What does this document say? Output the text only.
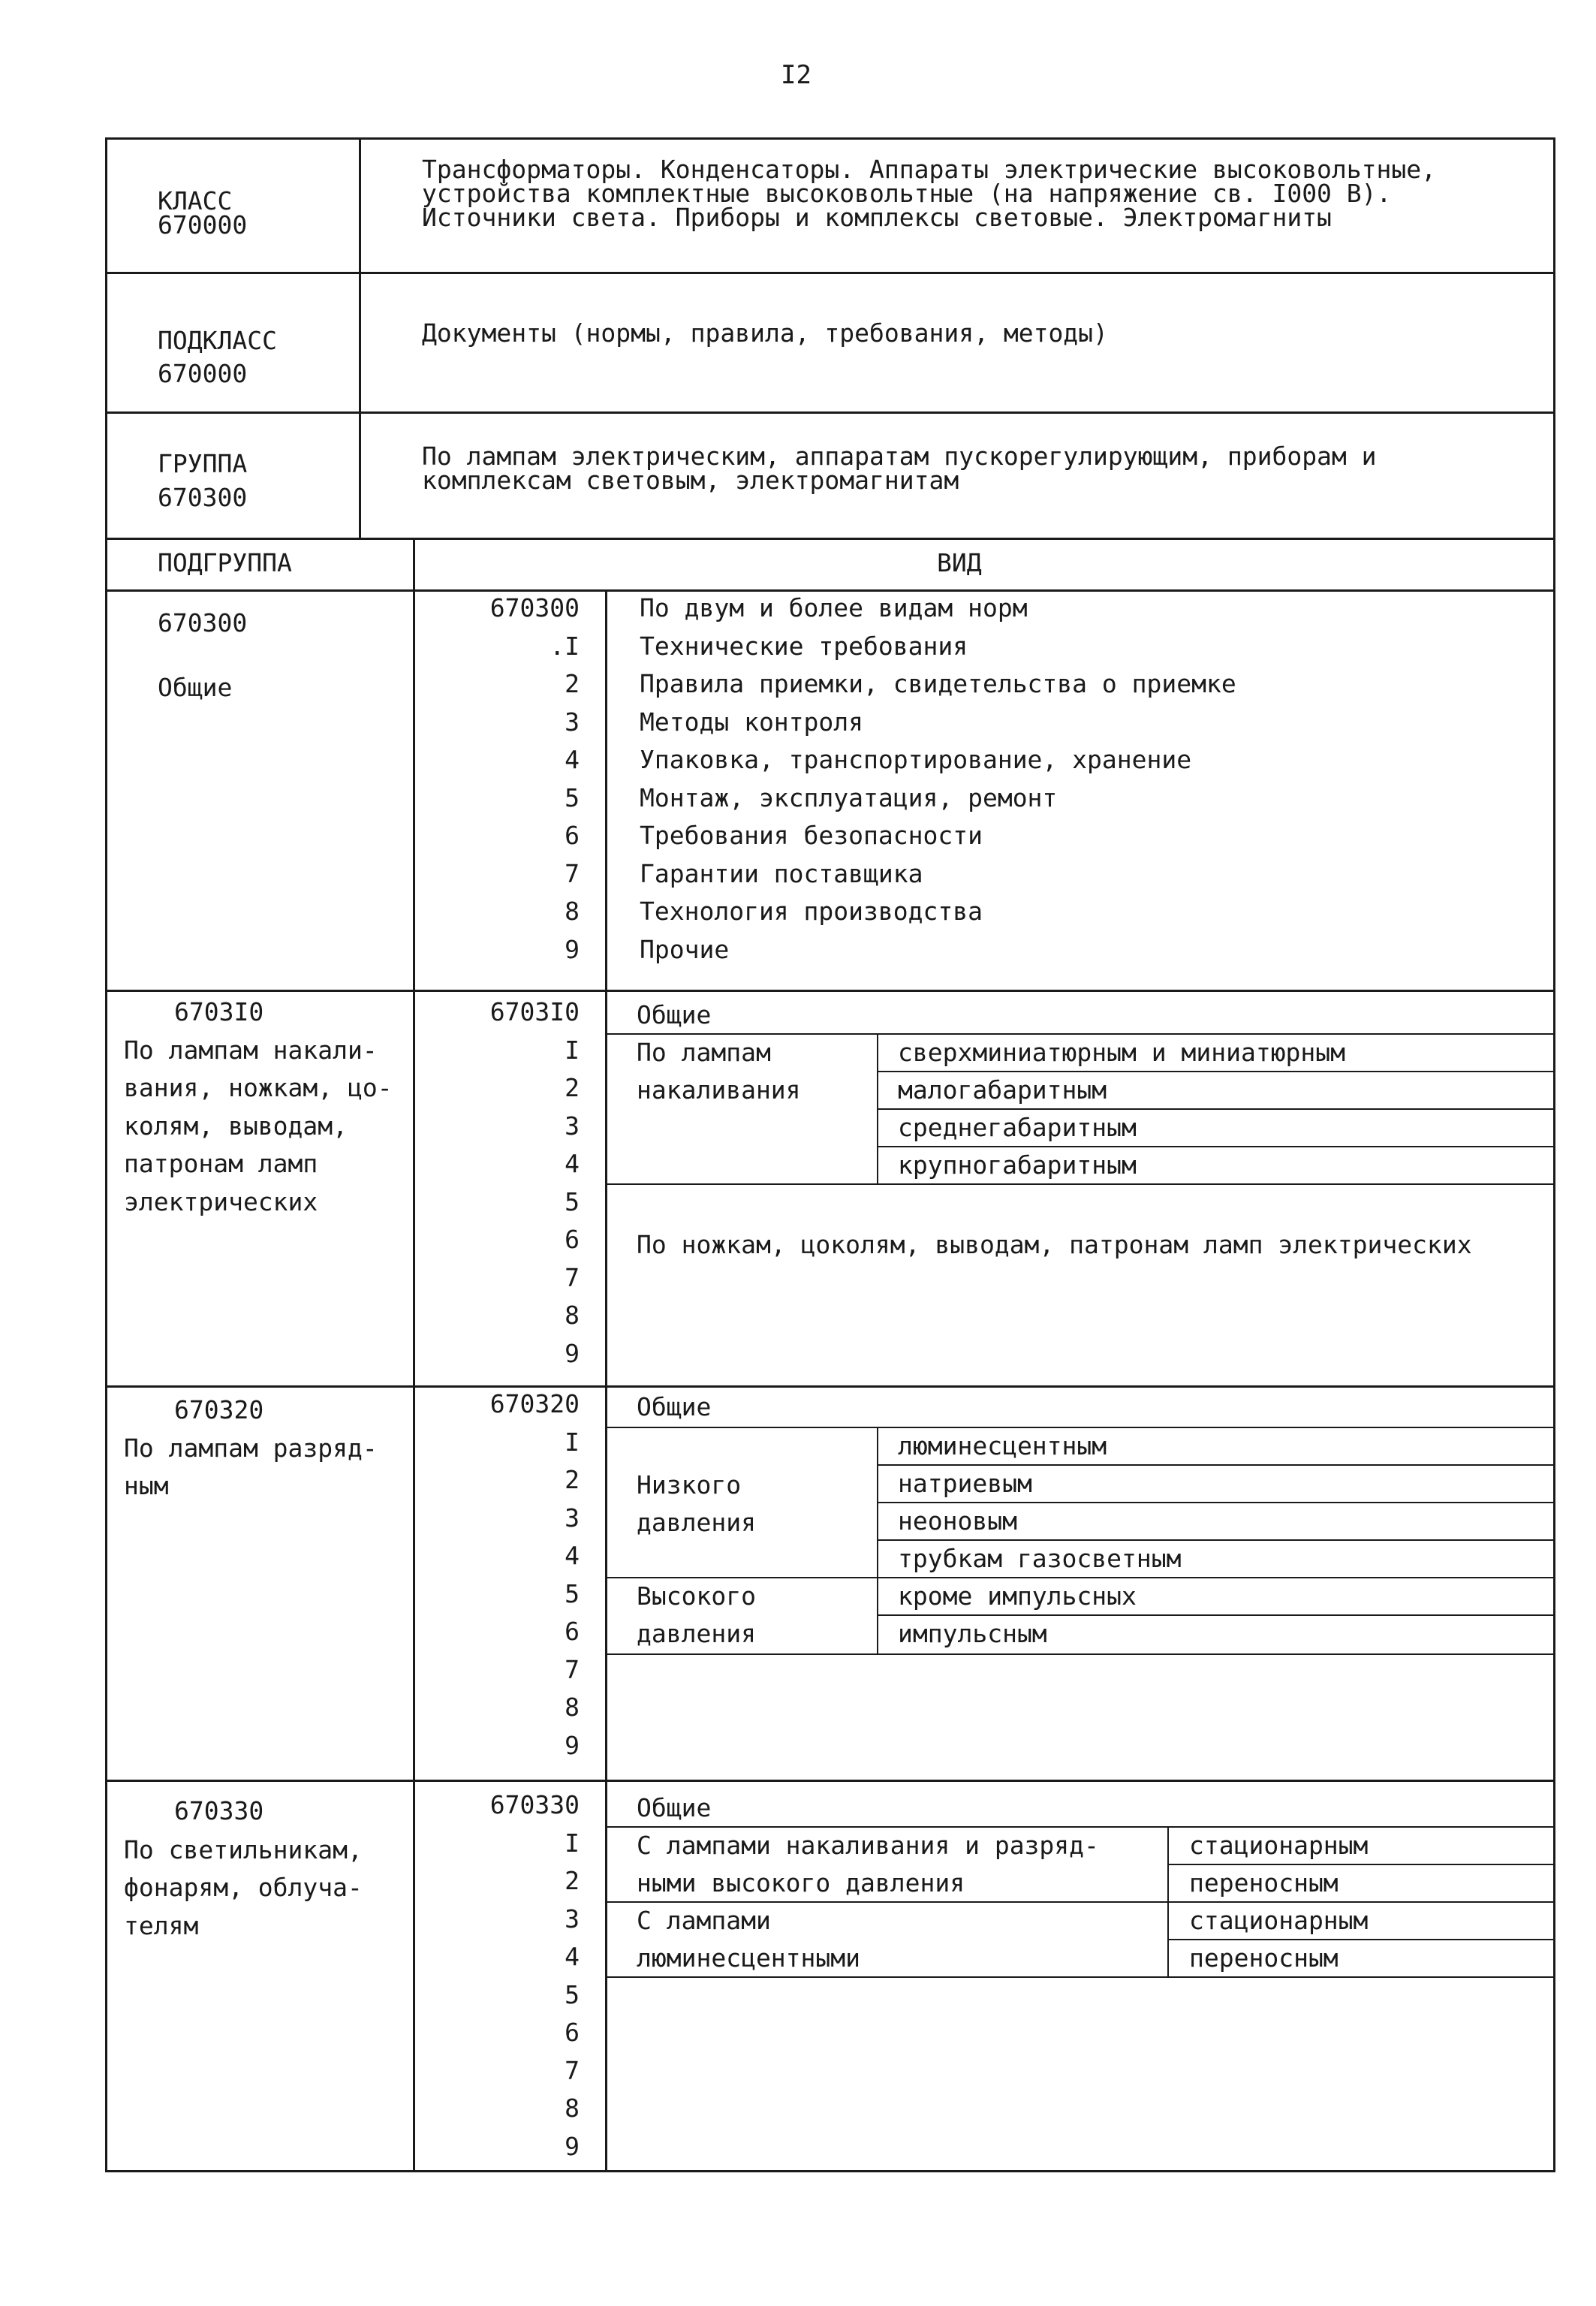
I2
КЛАСС
670000
Трансформаторы. Конденсаторы. Аппараты электрические высоковольтные,
устройства комплектные высоковольтные (на напряжение св. I000 В).
Источники света. Приборы и комплексы световые. Электромагниты
ПОДКЛАСС
670000
Документы (нормы, правила, требования, методы)
ГРУППА
670300
По лампам электрическим, аппаратам пускорегулирующим, приборам и
комплексам световым, электромагнитам
ПОДГРУППА	ВИД
670300
Общие
670300
.I
2
3
4
5
6
7
8
9
По двум и более видам норм
Технические требования
Правила приемки, свидетельства о приемке
Методы контроля
Упаковка, транспортирование, хранение
Монтаж, эксплуатация, ремонт
Требования безопасности
Гарантии поставщика
Технология производства
Прочие
6703I0
По лампам накали-
вания, ножкам, цо-
колям, выводам,
патронам ламп
электрических
6703I0
I
2
3
4
5
6
7
8
9
Общие
По лампам
накаливания
сверхминиатюрным и миниатюрным
малогабаритным
среднегабаритным
крупногабаритным
По ножкам, цоколям, выводам, патронам ламп электрических
670320
По лампам разряд-
ным
670320
I
2
3
4
5
6
7
8
9
Общие
Низкого
давления
люминесцентным
натриевым
неоновым
трубкам газосветным
Высокого
давления
кроме импульсных
импульсным
670330
По светильникам,
фонарям, облуча-
телям
670330
I
2
3
4
5
6
7
8
9
Общие
С лампами накаливания и разряд-
ными высокого давления
стационарным
переносным
С лампами
люминесцентными
стационарным
переносным
